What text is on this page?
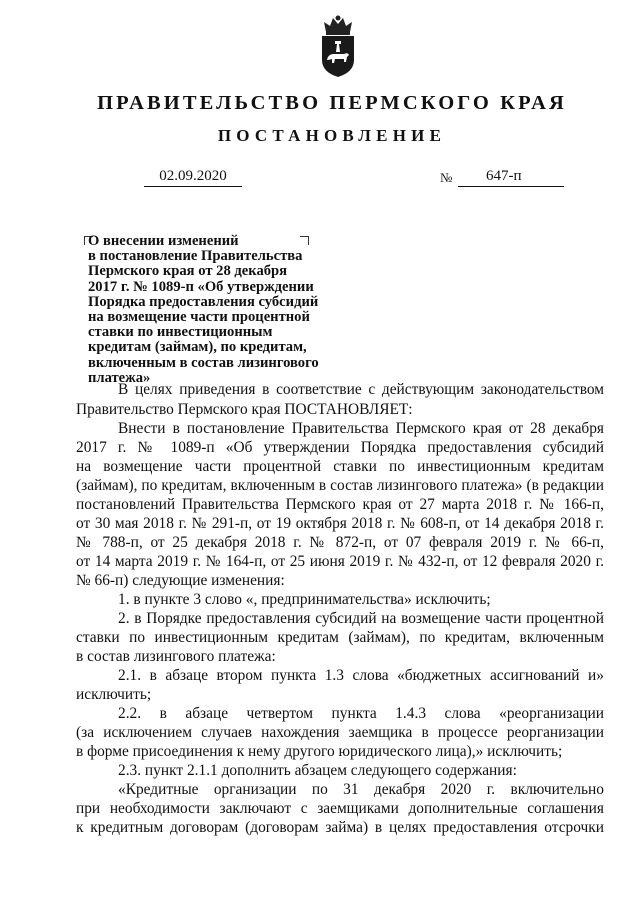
ПРАВИТЕЛЬСТВО ПЕРМСКОГО КРАЯ
ПОСТАНОВЛЕНИЕ
02.09.2020	№	647-п
О внесении изменений
в постановление Правительства
Пермского края от 28 декабря
2017 г. № 1089-п «Об утверждении
Порядка предоставления субсидий
на возмещение части процентной
ставки по инвестиционным
кредитам (займам), по кредитам,
включенным в состав лизингового
платежа»
В целях приведения в соответствие с действующим законодательством
Правительство Пермского края ПОСТАНОВЛЯЕТ:
Внести в постановление Правительства Пермского края от 28 декабря
2017 г. № 1089-п «Об утверждении Порядка предоставления субсидий
на возмещение части процентной ставки по инвестиционным кредитам
(займам), по кредитам, включенным в состав лизингового платежа» (в редакции
постановлений Правительства Пермского края от 27 марта 2018 г. № 166-п,
от 30 мая 2018 г. № 291-п, от 19 октября 2018 г. № 608-п, от 14 декабря 2018 г.
№ 788-п, от 25 декабря 2018 г. № 872-п, от 07 февраля 2019 г. № 66-п,
от 14 марта 2019 г. № 164-п, от 25 июня 2019 г. № 432-п, от 12 февраля 2020 г.
№ 66-п) следующие изменения:
1. в пункте 3 слово «, предпринимательства» исключить;
2. в Порядке предоставления субсидий на возмещение части процентной
ставки по инвестиционным кредитам (займам), по кредитам, включенным
в состав лизингового платежа:
2.1. в абзаце втором пункта 1.3 слова «бюджетных ассигнований и»
исключить;
2.2. в абзаце четвертом пункта 1.4.3 слова «реорганизации
(за исключением случаев нахождения заемщика в процессе реорганизации
в форме присоединения к нему другого юридического лица),» исключить;
2.3. пункт 2.1.1 дополнить абзацем следующего содержания:
«Кредитные организации по 31 декабря 2020 г. включительно
при необходимости заключают с заемщиками дополнительные соглашения
к кредитным договорам (договорам займа) в целях предоставления отсрочки
